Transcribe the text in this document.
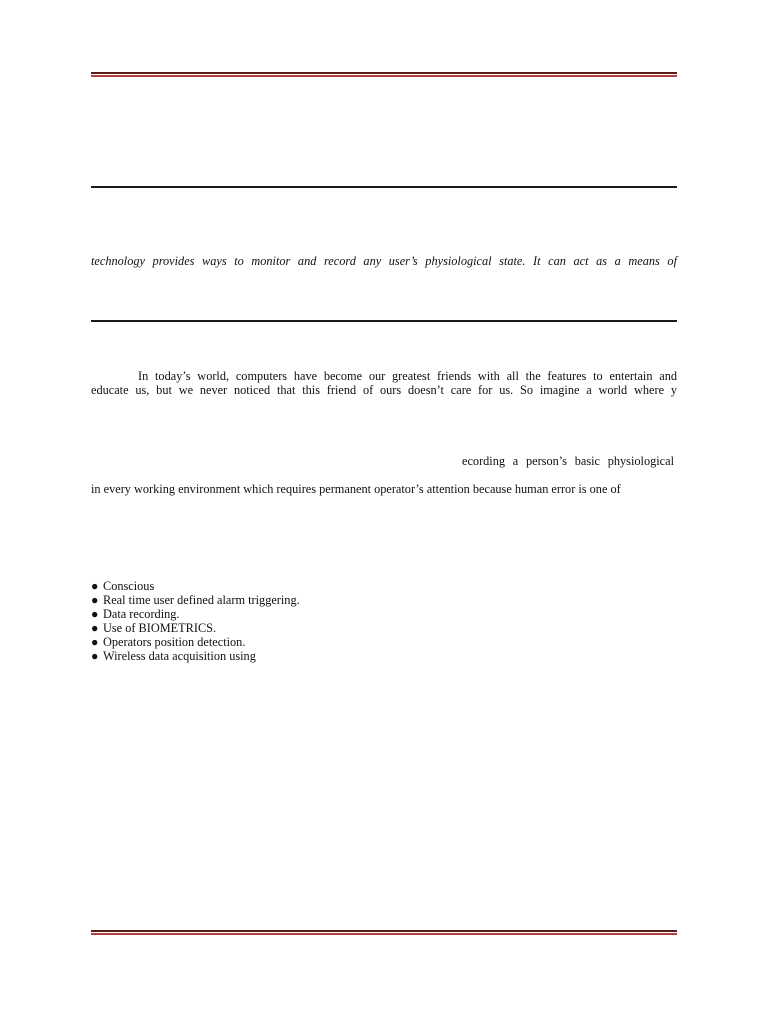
technology provides ways to monitor and record any user’s physiological state. It can act as a means of
In today’s world, computers have become our greatest friends with all the features to entertain and
educate us, but we never noticed that this friend of ours doesn’t care for us. So imagine a world where y
ecording a person’s basic physiological
in every working environment which requires permanent operator’s attention because human error is one of
● Conscious
● Real time user defined alarm triggering.
● Data recording.
● Use of BIOMETRICS.
● Operators position detection.
● Wireless data acquisition using
